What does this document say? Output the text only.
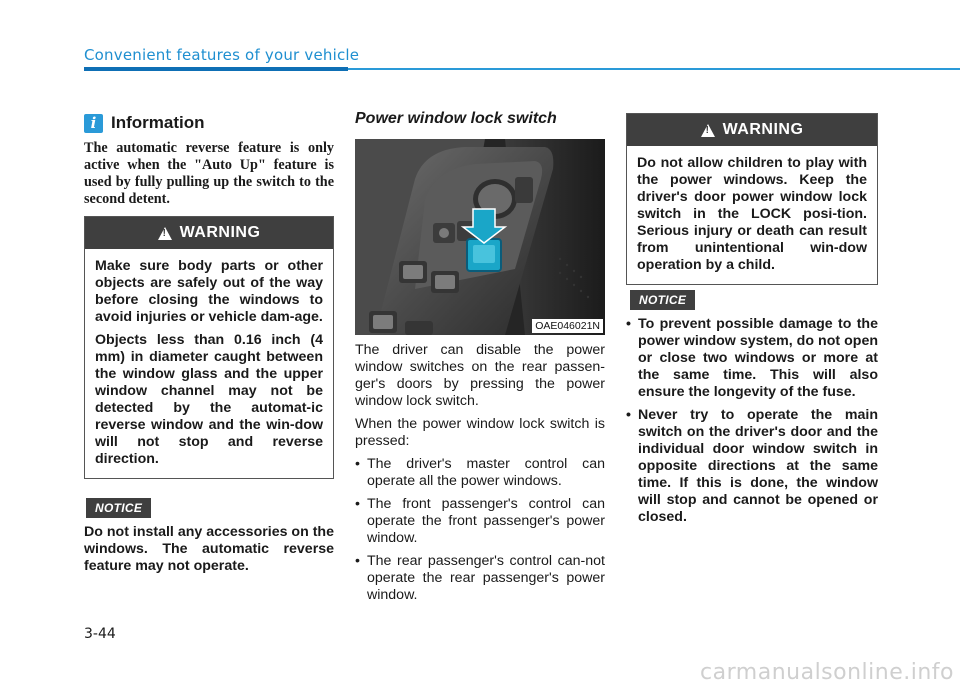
Convenient features of your vehicle
i Information
The automatic reverse feature is only active when the "Auto Up" feature is used by fully pulling up the switch to the second detent.
!
WARNING

Make sure body parts or other objects are safely out of the way before closing the windows to avoid injuries or vehicle dam-age.

Objects less than 0.16 inch (4 mm) in diameter caught between the window glass and the upper window channel may not be detected by the automat-ic reverse window and the win-dow will not stop and reverse direction.

NOTICE
Do not install any accessories on the windows. The automatic reverse feature may not operate.
Power window lock switch
OAE046021N

The driver can disable the power window switches on the rear passen-ger's doors by pressing the power window lock switch.

When the power window lock switch is pressed:

• The driver's master control can operate all the power windows.
• The front passenger's control can operate the front passenger's power window.
• The rear passenger's control can-not operate the rear passenger's power window.
!
WARNING

Do not allow children to play with the power windows. Keep the driver's door power window lock switch in the LOCK posi-tion. Serious injury or death can result from unintentional win-dow operation by a child.

NOTICE
• To prevent possible damage to the power window system, do not open or close two windows or more at the same time. This will also ensure the longevity of the fuse.
• Never try to operate the main switch on the driver's door and the individual door window switch in opposite directions at the same time. If this is done, the window will stop and cannot be opened or closed.
3-44
carmanualsonline.info
